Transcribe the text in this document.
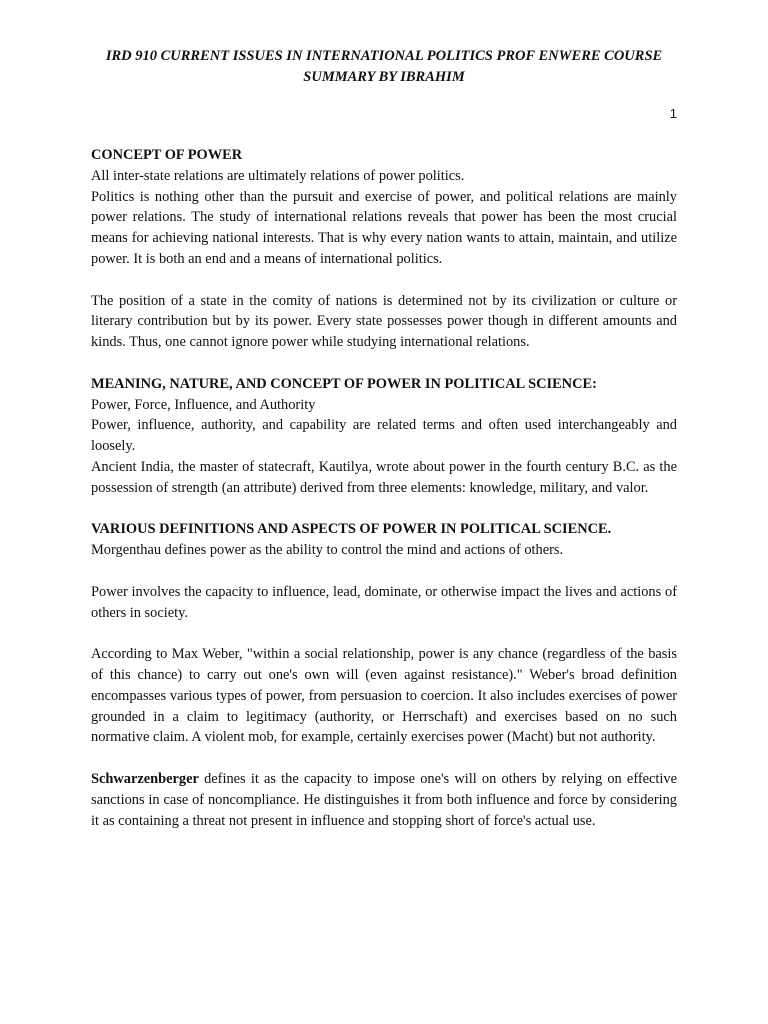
IRD 910 CURRENT ISSUES IN INTERNATIONAL POLITICS PROF ENWERE COURSE SUMMARY BY IBRAHIM
1
CONCEPT OF POWER

All inter-state relations are ultimately relations of power politics.

Politics is nothing other than the pursuit and exercise of power, and political relations are mainly power relations. The study of international relations reveals that power has been the most crucial means for achieving national interests. That is why every nation wants to attain, maintain, and utilize power. It is both an end and a means of international politics.

The position of a state in the comity of nations is determined not by its civilization or culture or literary contribution but by its power. Every state possesses power though in different amounts and kinds. Thus, one cannot ignore power while studying international relations.

MEANING, NATURE, AND CONCEPT OF POWER IN POLITICAL SCIENCE:

Power, Force, Influence, and Authority

Power, influence, authority, and capability are related terms and often used interchangeably and loosely.

Ancient India, the master of statecraft, Kautilya, wrote about power in the fourth century B.C. as the possession of strength (an attribute) derived from three elements: knowledge, military, and valor.

VARIOUS DEFINITIONS AND ASPECTS OF POWER IN POLITICAL SCIENCE.

Morgenthau defines power as the ability to control the mind and actions of others.

Power involves the capacity to influence, lead, dominate, or otherwise impact the lives and actions of others in society.

According to Max Weber, "within a social relationship, power is any chance (regardless of the basis of this chance) to carry out one's own will (even against resistance)." Weber's broad definition encompasses various types of power, from persuasion to coercion. It also includes exercises of power grounded in a claim to legitimacy (authority, or Herrschaft) and exercises based on no such normative claim. A violent mob, for example, certainly exercises power (Macht) but not authority.

Schwarzenberger defines it as the capacity to impose one's will on others by relying on effective sanctions in case of noncompliance. He distinguishes it from both influence and force by considering it as containing a threat not present in influence and stopping short of force's actual use.
